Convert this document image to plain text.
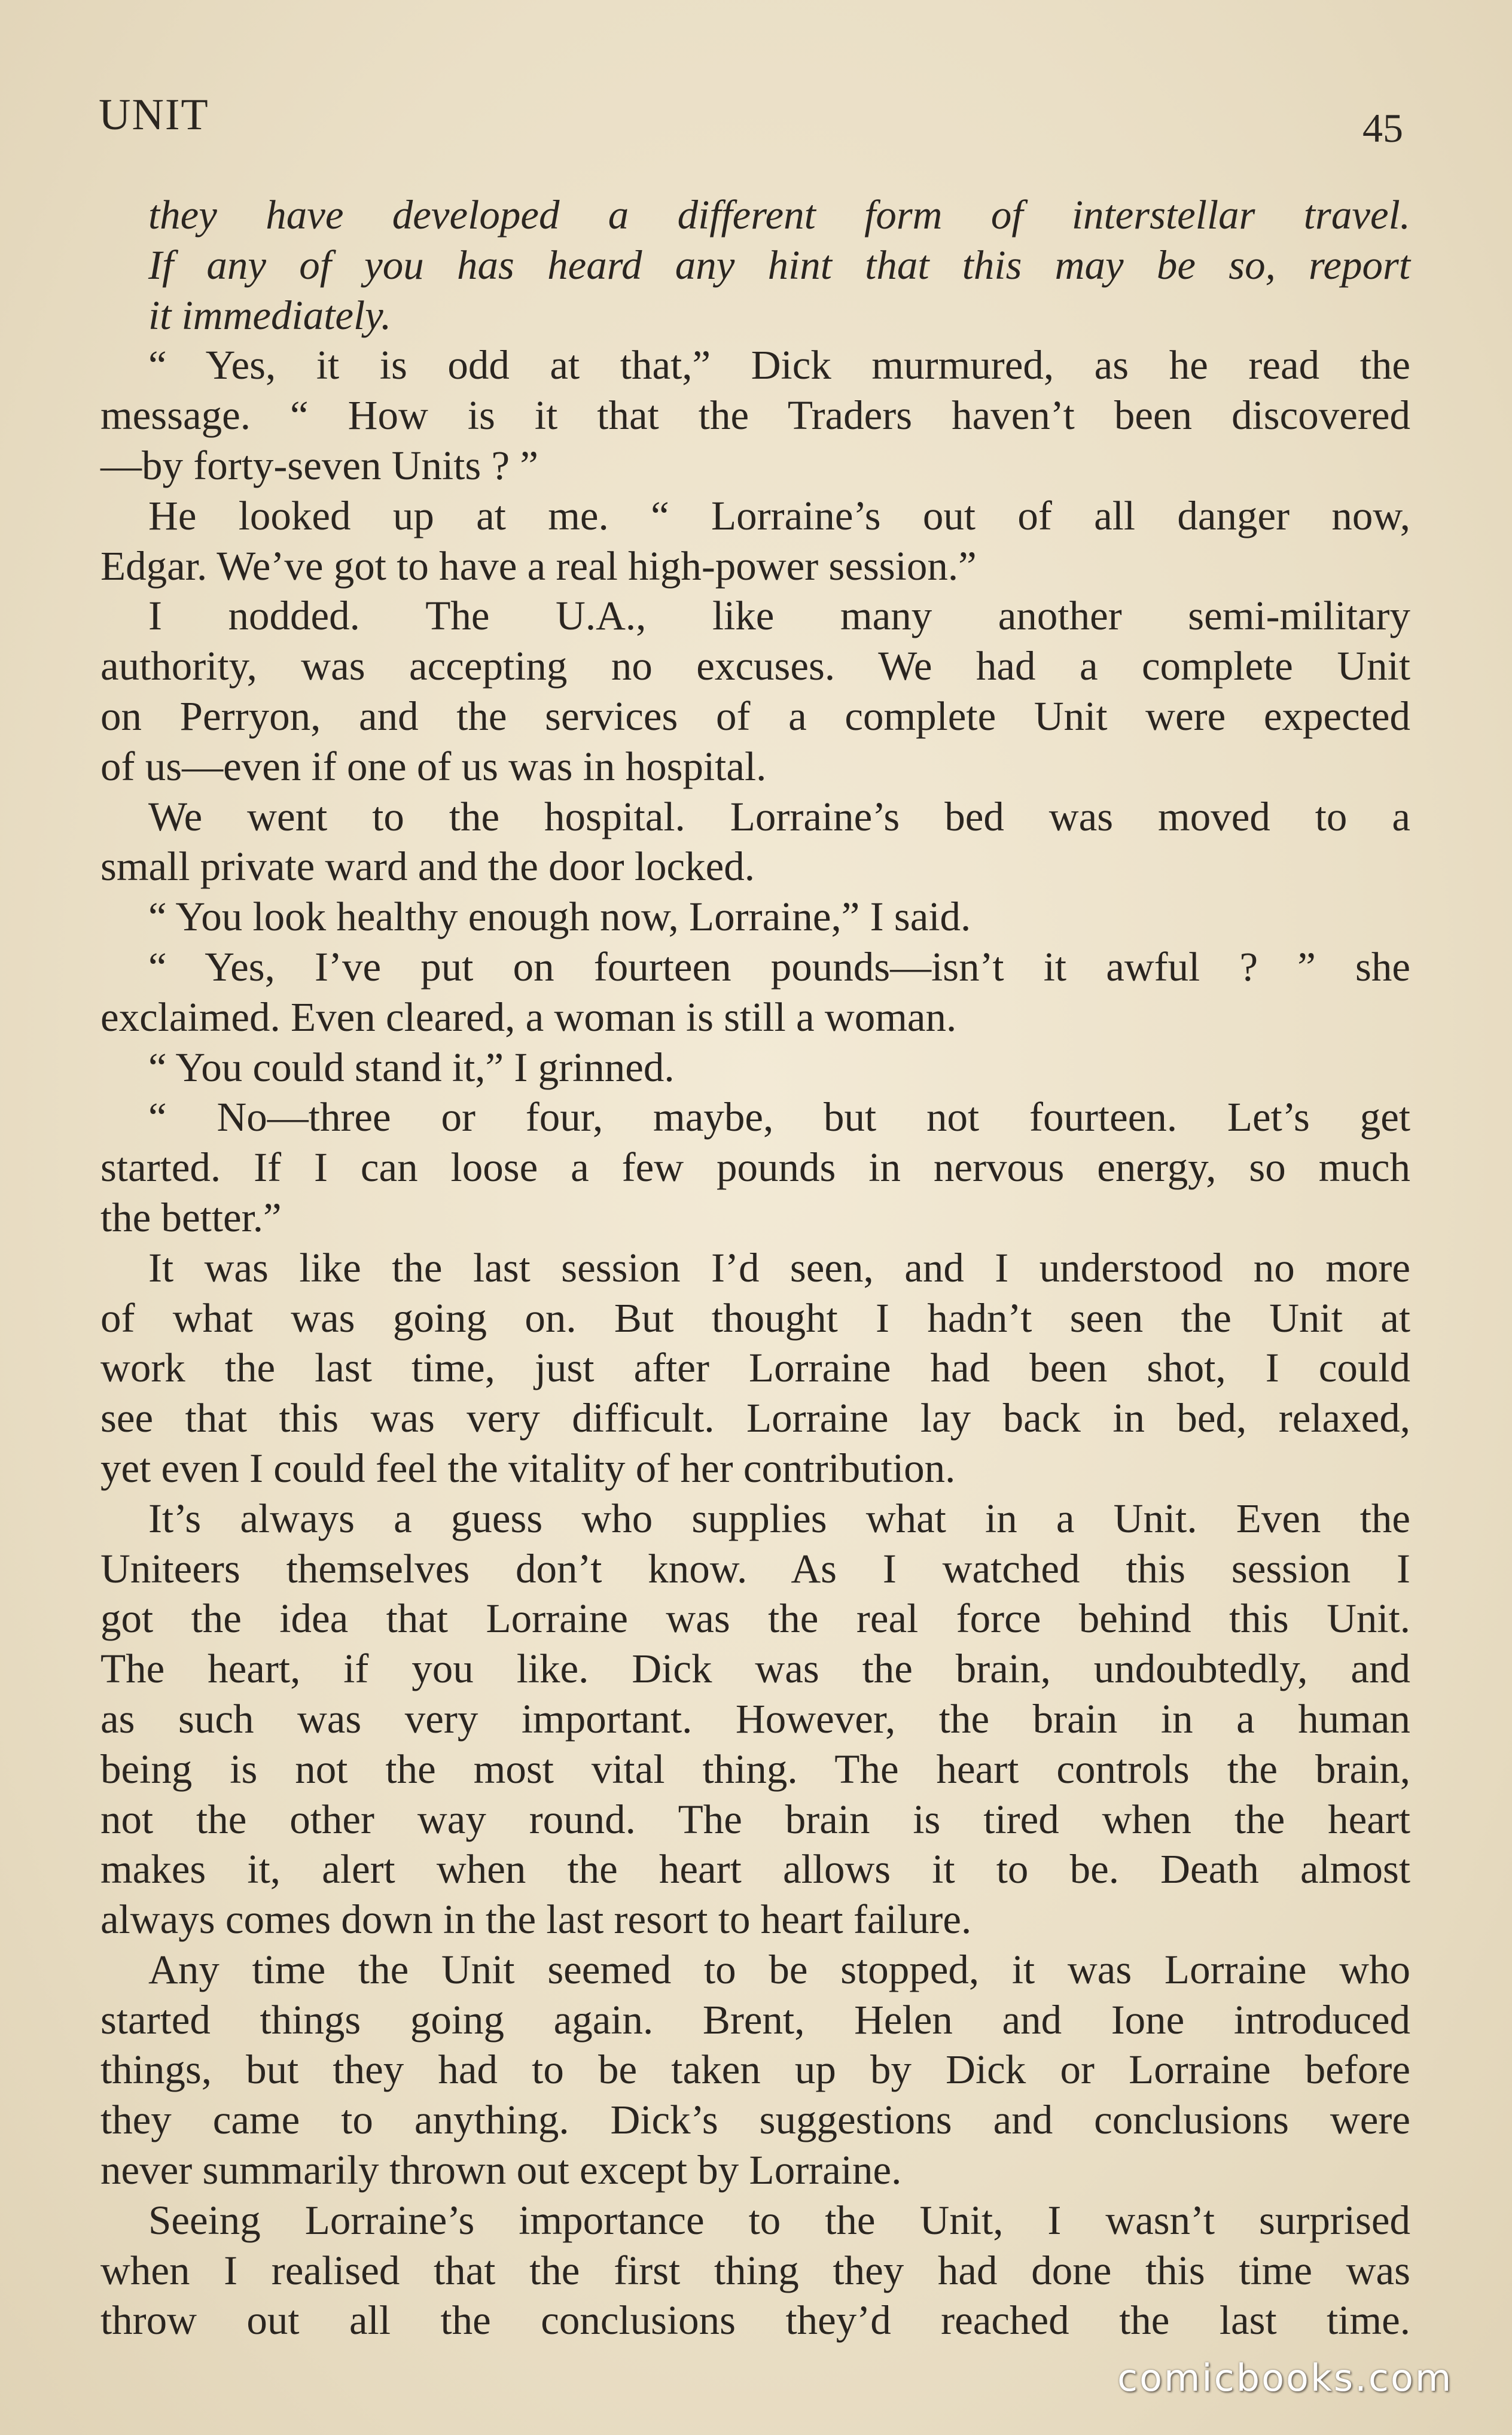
UNIT	45
they have developed a different form of interstellar travel.
If any of you has heard any hint that this may be so, report
it immediately.
“ Yes, it is odd at that,” Dick murmured, as he read the
message. “ How is it that the Traders haven’t been discovered
—by forty-seven Units ? ”
He looked up at me. “ Lorraine’s out of all danger now,
Edgar. We’ve got to have a real high-power session.”
I nodded. The U.A., like many another semi-military
authority, was accepting no excuses. We had a complete Unit
on Perryon, and the services of a complete Unit were expected
of us—even if one of us was in hospital.
We went to the hospital. Lorraine’s bed was moved to a
small private ward and the door locked.
“ You look healthy enough now, Lorraine,” I said.
“ Yes, I’ve put on fourteen pounds—isn’t it awful ? ” she
exclaimed. Even cleared, a woman is still a woman.
“ You could stand it,” I grinned.
“ No—three or four, maybe, but not fourteen. Let’s get
started. If I can loose a few pounds in nervous energy, so much
the better.”
It was like the last session I’d seen, and I understood no more
of what was going on. But thought I hadn’t seen the Unit at
work the last time, just after Lorraine had been shot, I could
see that this was very difficult. Lorraine lay back in bed, relaxed,
yet even I could feel the vitality of her contribution.
It’s always a guess who supplies what in a Unit. Even the
Uniteers themselves don’t know. As I watched this session I
got the idea that Lorraine was the real force behind this Unit.
The heart, if you like. Dick was the brain, undoubtedly, and
as such was very important. However, the brain in a human
being is not the most vital thing. The heart controls the brain,
not the other way round. The brain is tired when the heart
makes it, alert when the heart allows it to be. Death almost
always comes down in the last resort to heart failure.
Any time the Unit seemed to be stopped, it was Lorraine who
started things going again. Brent, Helen and Ione introduced
things, but they had to be taken up by Dick or Lorraine before
they came to anything. Dick’s suggestions and conclusions were
never summarily thrown out except by Lorraine.
Seeing Lorraine’s importance to the Unit, I wasn’t surprised
when I realised that the first thing they had done this time was
throw out all the conclusions they’d reached the last time.
comicbooks.com
